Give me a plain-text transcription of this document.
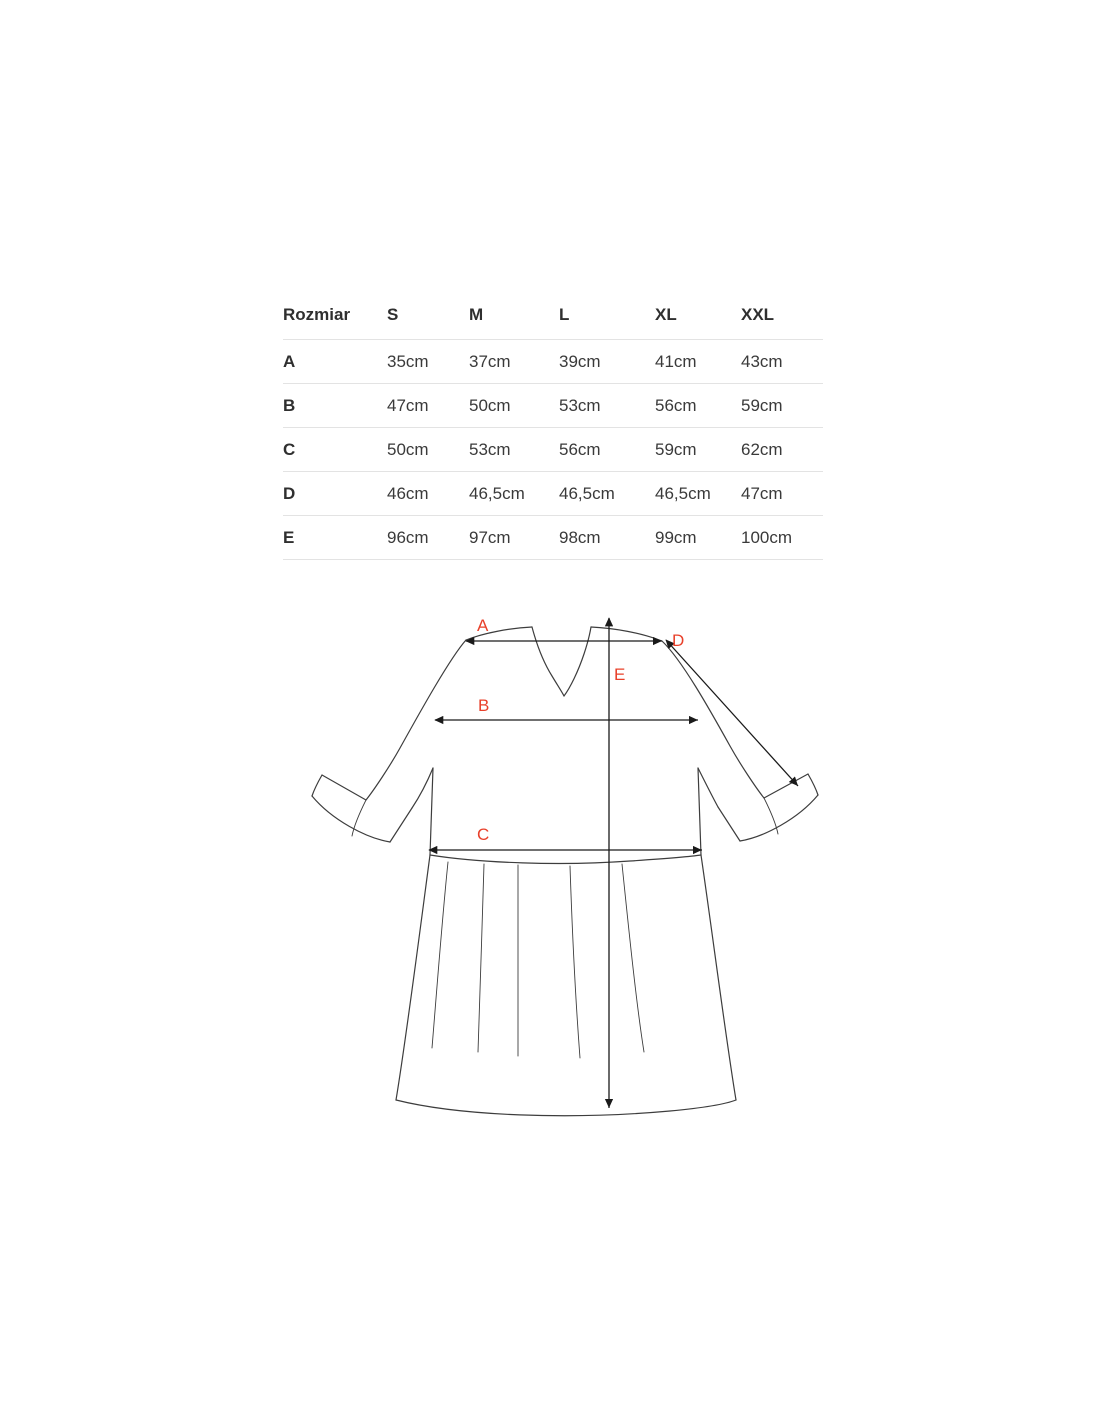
Rozmiar	S	M	L	XL	XXL
A	35cm	37cm	39cm	41cm	43cm
B	47cm	50cm	53cm	56cm	59cm
C	50cm	53cm	56cm	59cm	62cm
D	46cm	46,5cm	46,5cm	46,5cm	47cm
E	96cm	97cm	98cm	99cm	100cm
A
B
C
D
E
